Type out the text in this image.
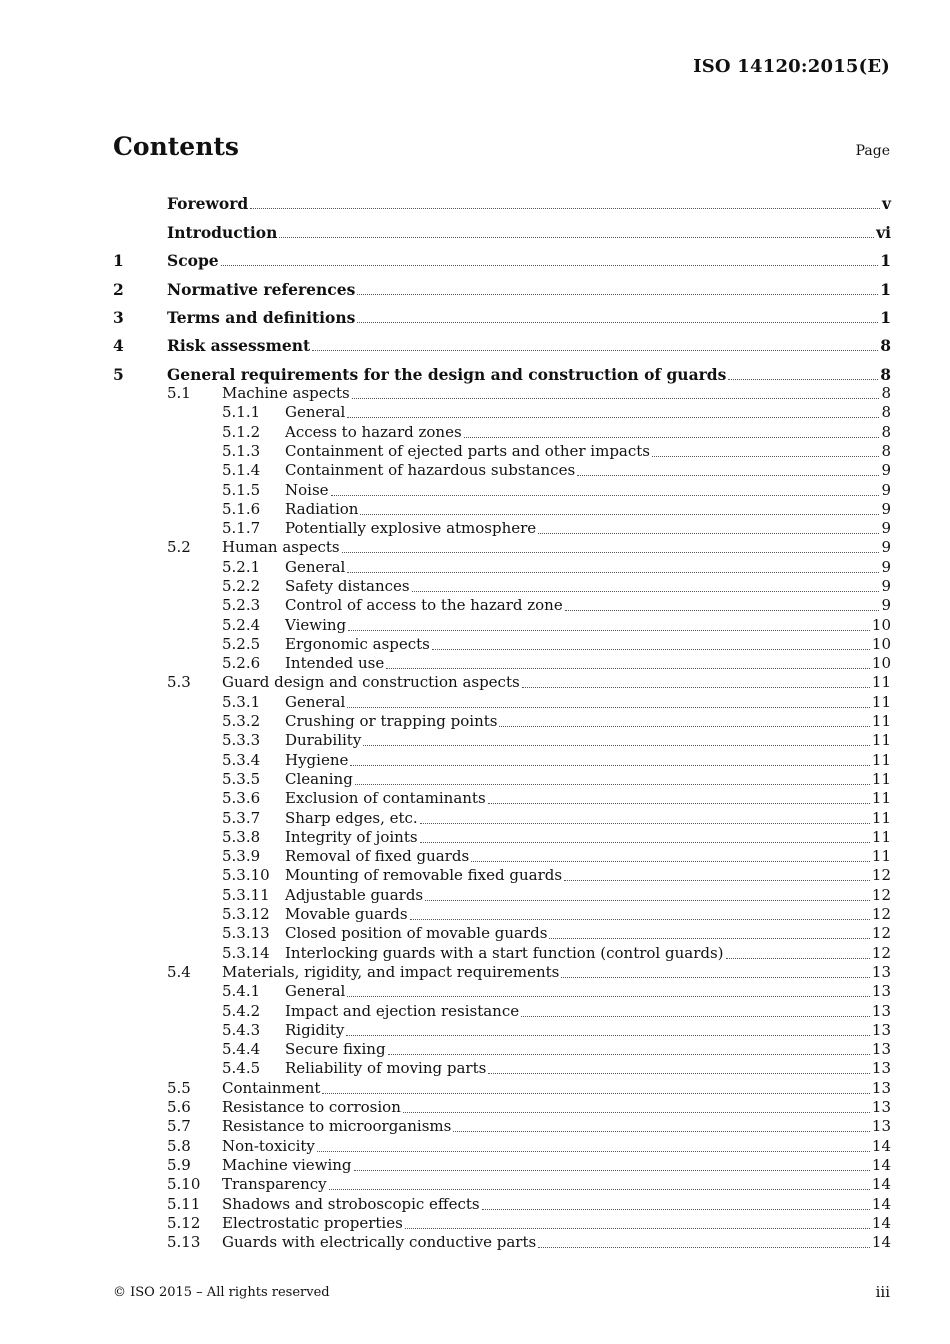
ISO 14120:2015(E)
Contents	Page
Foreword	v
Introduction	vi
1	Scope	1
2	Normative references	1
3	Terms and definitions	1
4	Risk assessment	8
5	General requirements for the design and construction of guards	8
5.1	Machine aspects	8
5.1.1	General	8
5.1.2	Access to hazard zones	8
5.1.3	Containment of ejected parts and other impacts	8
5.1.4	Containment of hazardous substances	9
5.1.5	Noise	9
5.1.6	Radiation	9
5.1.7	Potentially explosive atmosphere	9
5.2	Human aspects	9
5.2.1	General	9
5.2.2	Safety distances	9
5.2.3	Control of access to the hazard zone	9
5.2.4	Viewing	10
5.2.5	Ergonomic aspects	10
5.2.6	Intended use	10
5.3	Guard design and construction aspects	11
5.3.1	General	11
5.3.2	Crushing or trapping points	11
5.3.3	Durability	11
5.3.4	Hygiene	11
5.3.5	Cleaning	11
5.3.6	Exclusion of contaminants	11
5.3.7	Sharp edges, etc.	11
5.3.8	Integrity of joints	11
5.3.9	Removal of fixed guards	11
5.3.10	Mounting of removable fixed guards	12
5.3.11	Adjustable guards	12
5.3.12	Movable guards	12
5.3.13	Closed position of movable guards	12
5.3.14	Interlocking guards with a start function (control guards)	12
5.4	Materials, rigidity, and impact requirements	13
5.4.1	General	13
5.4.2	Impact and ejection resistance	13
5.4.3	Rigidity	13
5.4.4	Secure fixing	13
5.4.5	Reliability of moving parts	13
5.5	Containment	13
5.6	Resistance to corrosion	13
5.7	Resistance to microorganisms	13
5.8	Non-toxicity	14
5.9	Machine viewing	14
5.10	Transparency	14
5.11	Shadows and stroboscopic effects	14
5.12	Electrostatic properties	14
5.13	Guards with electrically conductive parts	14
© ISO 2015 – All rights reserved	iii
